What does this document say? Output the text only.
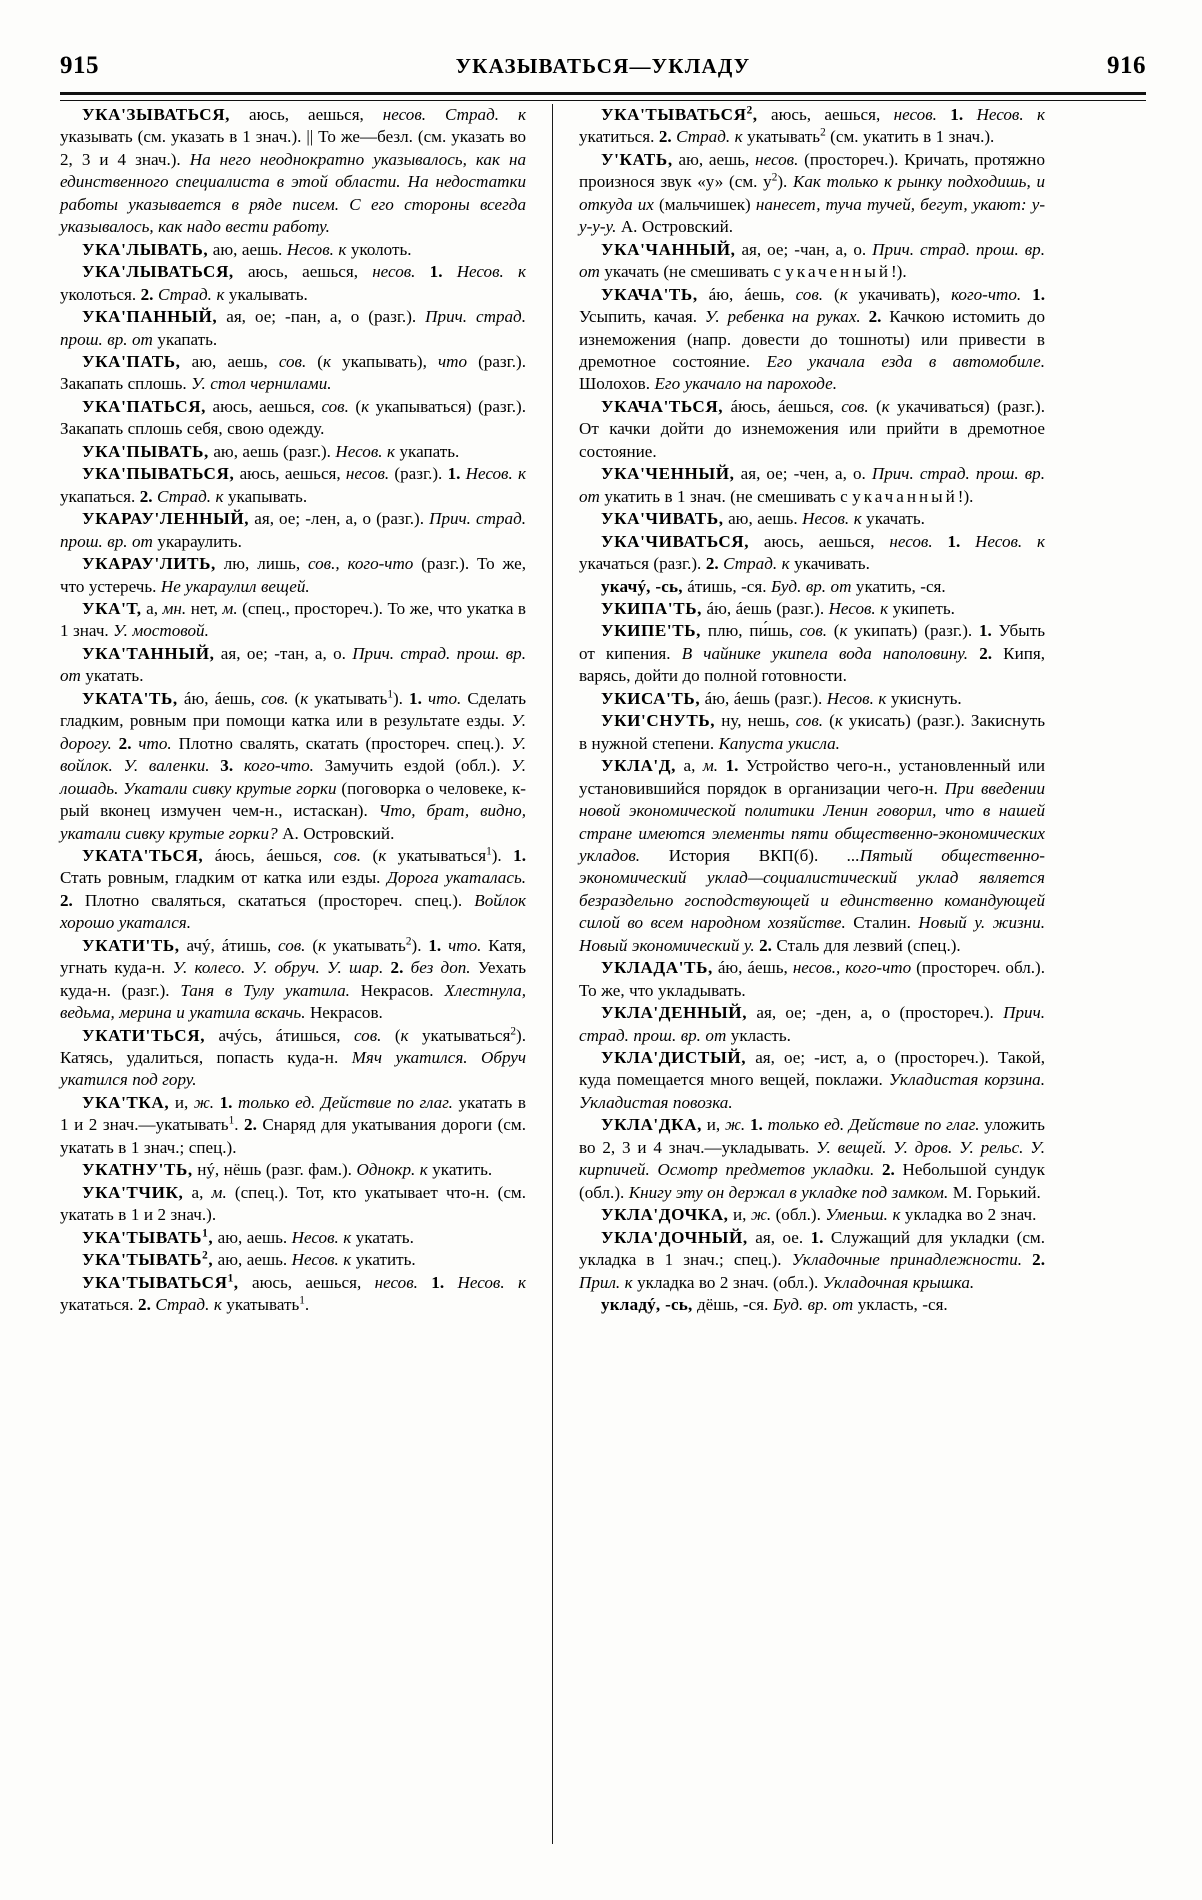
915	УКАЗЫВАТЬСЯ—УКЛАДУ	916

УКА'ЗЫВАТЬСЯ, аюсь, аешься, несов. Страд. к указывать (см. указать в 1 знач.). || То же—безл. (см. указать во 2, 3 и 4 знач.). На него неоднократно указывалось, как на единственного специалиста в этой области. На недостатки работы указывается в ряде писем. С его стороны всегда указывалось, как надо вести работу.

УКА'ЛЫВАТЬ, аю, аешь. Несов. к уколоть.

УКА'ЛЫВАТЬСЯ, аюсь, аешься, несов. 1. Несов. к уколоться. 2. Страд. к укалывать.

УКА'ПАННЫЙ, ая, ое; -пан, а, о (разг.). Прич. страд. прош. вр. от укапать.

УКА'ПАТЬ, аю, аешь, сов. (к укапывать), что (разг.). Закапать сплошь. У. стол чернилами.

УКА'ПАТЬСЯ, аюсь, аешься, сов. (к укапываться) (разг.). Закапать сплошь себя, свою одежду.

УКА'ПЫВАТЬ, аю, аешь (разг.). Несов. к укапать.

УКА'ПЫВАТЬСЯ, аюсь, аешься, несов. (разг.). 1. Несов. к укапаться. 2. Страд. к укапывать.

УКАРАУ'ЛЕННЫЙ, ая, ое; -лен, а, о (разг.). Прич. страд. прош. вр. от укараулить.

УКАРАУ'ЛИТЬ, лю, лишь, сов., кого-что (разг.). То же, что устеречь. Не укараулил вещей.

УКА'Т, а, мн. нет, м. (спец., простореч.). То же, что укатка в 1 знач. У. мостовой.

УКА'ТАННЫЙ, ая, ое; -тан, а, о. Прич. страд. прош. вр. от укатать.

УКАТА'ТЬ, áю, áешь, сов. (к укатывать$^1$). 1. что. Сделать гладким, ровным при помощи катка или в результате езды. У. дорогу. 2. что. Плотно свалять, скатать (простореч. спец.). У. войлок. У. валенки. 3. кого-что. Замучить ездой (обл.). У. лошадь. Укатали сивку крутые горки (поговорка о человеке, к-рый вконец измучен чем-н., истаскан). Что, брат, видно, укатали сивку крутые горки? А. Островский.

УКАТА'ТЬСЯ, áюсь, áешься, сов. (к укатываться$^1$). 1. Стать ровным, гладким от катка или езды. Дорога укаталась. 2. Плотно сваляться, скататься (простореч. спец.). Войлок хорошо укатался.

УКАТИ'ТЬ, ачý, áтишь, сов. (к укатывать$^2$). 1. что. Катя, угнать куда-н. У. колесо. У. обруч. У. шар. 2. без доп. Уехать куда-н. (разг.). Таня в Тулу укатила. Некрасов. Хлестнула, ведьма, мерина и укатила вскачь. Некрасов.

УКАТИ'ТЬСЯ, ачýсь, áтишься, сов. (к укатываться$^2$). Катясь, удалиться, попасть куда-н. Мяч укатился. Обруч укатился под гору.

УКА'ТКА, и, ж. 1. только ед. Действие по глаг. укатать в 1 и 2 знач.—укатывать$^1$. 2. Снаряд для укатывания дороги (см. укатать в 1 знач.; спец.).

УКАТНУ'ТЬ, нý, нёшь (разг. фам.). Однокр. к укатить.

УКА'ТЧИК, а, м. (спец.). Тот, кто укатывает что-н. (см. укатать в 1 и 2 знач.).

УКА'ТЫВАТЬ$^1$, аю, аешь. Несов. к укатать.

УКА'ТЫВАТЬ$^2$, аю, аешь. Несов. к укатить.

УКА'ТЫВАТЬСЯ$^1$, аюсь, аешься, несов. 1. Несов. к укататься. 2. Страд. к укатывать$^1$.

УКА'ТЫВАТЬСЯ$^2$, аюсь, аешься, несов. 1. Несов. к укатиться. 2. Страд. к укатывать$^2$ (см. укатить в 1 знач.).

У'КАТЬ, аю, аешь, несов. (простореч.). Кричать, протяжно произнося звук «у» (см. $у^2$). Как только к рынку подходишь, и откуда их (мальчишек) нанесет, туча тучей, бегут, укают: у-у-у-у. А. Островский.

УКА'ЧАННЫЙ, ая, ое; -чан, а, о. Прич. страд. прош. вр. от укачать (не смешивать с укаченный!).

УКАЧА'ТЬ, áю, áешь, сов. (к укачивать), кого-что. 1. Усыпить, качая. У. ребенка на руках. 2. Качкою истомить до изнеможения (напр. довести до тошноты) или привести в дремотное состояние. Его укачала езда в автомобиле. Шолохов. Его укачало на пароходе.

УКАЧА'ТЬСЯ, áюсь, áешься, сов. (к укачиваться) (разг.). От качки дойти до изнеможения или прийти в дремотное состояние.

УКА'ЧЕННЫЙ, ая, ое; -чен, а, о. Прич. страд. прош. вр. от укатить в 1 знач. (не смешивать с укачанный!).

УКА'ЧИВАТЬ, аю, аешь. Несов. к укачать.

УКА'ЧИВАТЬСЯ, аюсь, аешься, несов. 1. Несов. к укачаться (разг.). 2. Страд. к укачивать.

укачý, -сь, áтишь, -ся. Буд. вр. от укатить, -ся.

УКИПА'ТЬ, áю, áешь (разг.). Несов. к укипеть.

УКИПЕ'ТЬ, плю, пи́шь, сов. (к укипать) (разг.). 1. Убыть от кипения. В чайнике укипела вода наполовину. 2. Кипя, варясь, дойти до полной готовности.

УКИСА'ТЬ, áю, áешь (разг.). Несов. к укиснуть.

УКИ'СНУТЬ, ну, нешь, сов. (к укисать) (разг.). Закиснуть в нужной степени. Капуста укисла.

УКЛА'Д, а, м. 1. Устройство чего-н., установленный или установившийся порядок в организации чего-н. При введении новой экономической политики Ленин говорил, что в нашей стране имеются элементы пяти общественно-экономических укладов. История ВКП(б). ...Пятый общественно-экономический уклад—социалистический уклад является безраздельно господствующей и единственно командующей силой во всем народном хозяйстве. Сталин. Новый у. жизни. Новый экономический у. 2. Сталь для лезвий (спец.).

УКЛАДА'ТЬ, áю, áешь, несов., кого-что (простореч. обл.). То же, что укладывать.

УКЛА'ДЕННЫЙ, ая, ое; -ден, а, о (простореч.). Прич. страд. прош. вр. от укласть.

УКЛА'ДИСТЫЙ, ая, ое; -ист, а, о (простореч.). Такой, куда помещается много вещей, поклажи. Укладистая корзина. Укладистая повозка.

УКЛА'ДКА, и, ж. 1. только ед. Действие по глаг. уложить во 2, 3 и 4 знач.—укладывать. У. вещей. У. дров. У. рельс. У. кирпичей. Осмотр предметов укладки. 2. Небольшой сундук (обл.). Книгу эту он держал в укладке под замком. М. Горький.

УКЛА'ДОЧКА, и, ж. (обл.). Уменьш. к укладка во 2 знач.

УКЛА'ДОЧНЫЙ, ая, ое. 1. Служащий для укладки (см. укладка в 1 знач.; спец.). Укладочные принадлежности. 2. Прил. к укладка во 2 знач. (обл.). Укладочная крышка.

укладý, -сь, дёшь, -ся. Буд. вр. от укласть, -ся.
